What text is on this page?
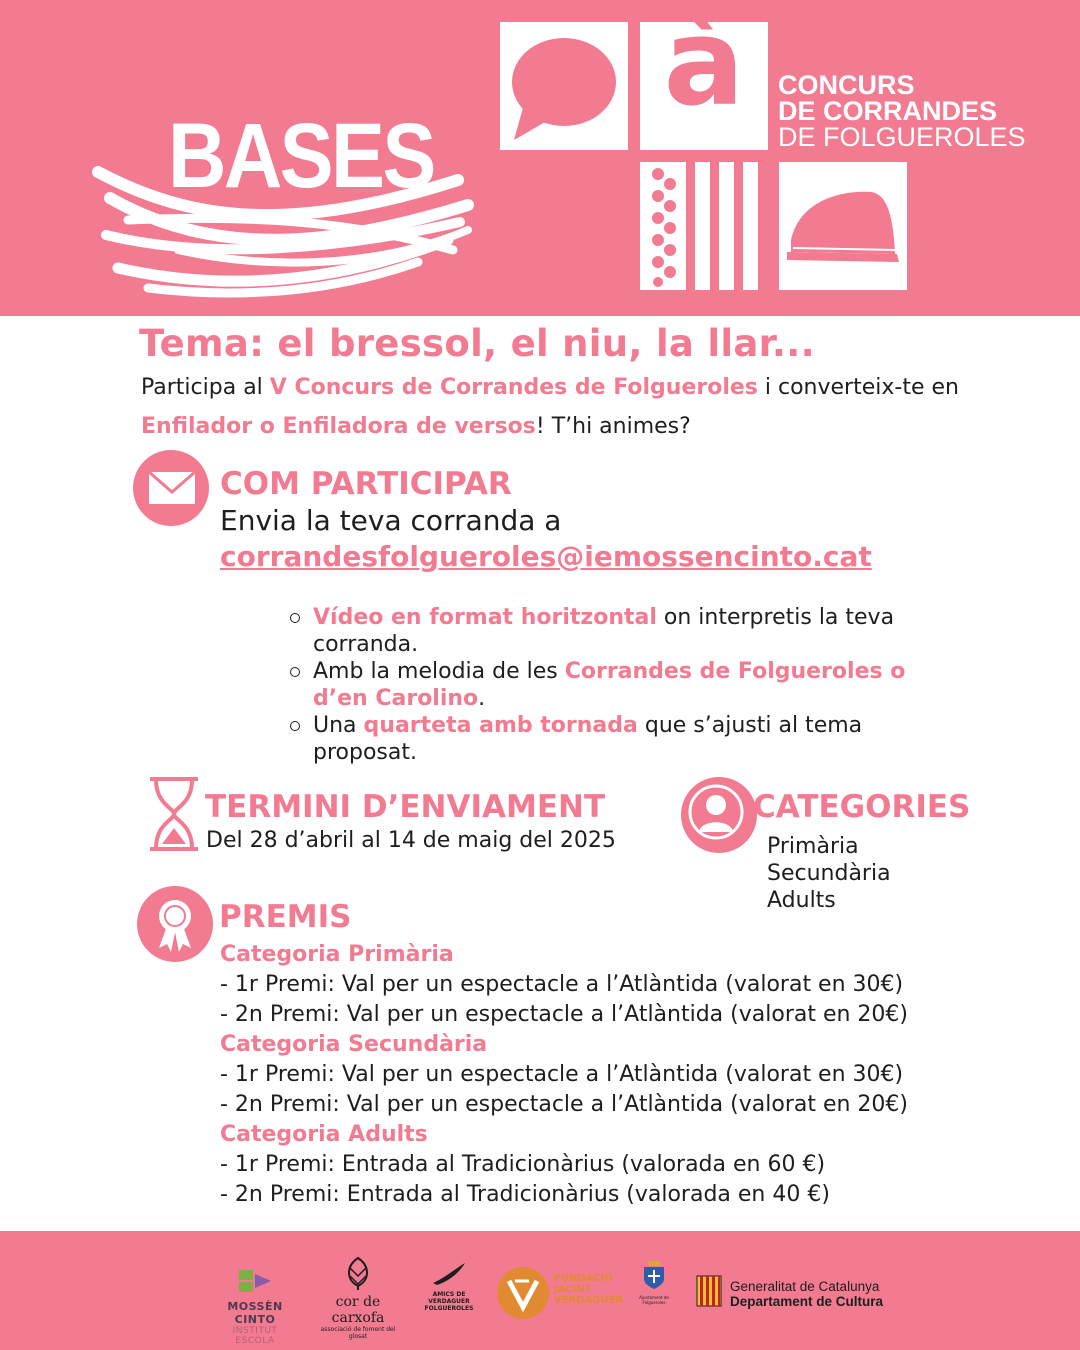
BASES
à	CONCURS
DE CORRANDES
DE FOLGUEROLES
Tema: el bressol, el niu, la llar...
Participa al V Concurs de Corrandes de Folgueroles i converteix-te en Enfilador o Enfiladora de versos! T’hi animes?
COM PARTICIPAR
Envia la teva corranda a
corrandesfolgueroles@iemossencinto.cat
Vídeo en format horitzontal on interpretis la teva corranda.
Amb la melodia de les Corrandes de Folgueroles o d’en Carolino.
Una quarteta amb tornada que s’ajusti al tema proposat.
TERMINI D’ENVIAMENT
Del 28 d’abril al 14 de maig del 2025
CATEGORIES
Primària
Secundària
Adults
PREMIS
Categoria Primària
- 1r Premi: Val per un espectacle a l’Atlàntida (valorat en 30€)
- 2n Premi: Val per un espectacle a l’Atlàntida (valorat en 20€)
Categoria Secundària
- 1r Premi: Val per un espectacle a l’Atlàntida (valorat en 30€)
- 2n Premi: Val per un espectacle a l’Atlàntida (valorat en 20€)
Categoria Adults
- 1r Premi: Entrada al Tradicionàrius (valorada en 60 €)
- 2n Premi: Entrada al Tradicionàrius (valorada en 40 €)
MOSSÈN CINTO
INSTITUT ESCOLA
cor de carxofa
associació de foment del glosat
AMICS DE
VERDAGUER
FOLGUEROLES
FUNDACIÓ
JACINT
VERDAGUER	Ajuntament de Folgueroles
Generalitat de Catalunya
Departament de Cultura
